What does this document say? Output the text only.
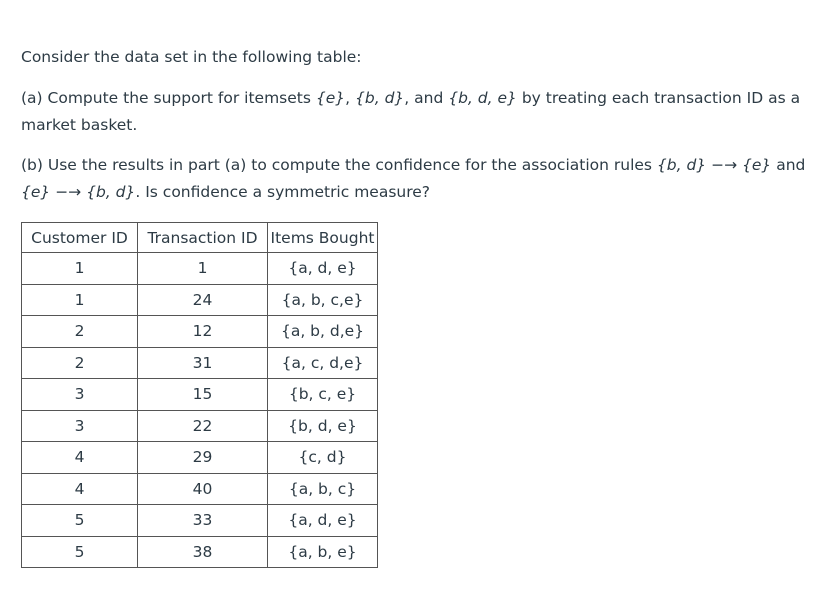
Consider the data set in the following table:

(a) Compute the support for itemsets {e}, {b, d}, and {b, d, e} by treating each transaction ID as a market basket.

(b) Use the results in part (a) to compute the confidence for the association rules {b, d} −→ {e} and {e} −→ {b, d}. Is confidence a symmetric measure?

Customer ID	Transaction ID	Items Bought
1	1	{a, d, e}
1	24	{a, b, c,e}
2	12	{a, b, d,e}
2	31	{a, c, d,e}
3	15	{b, c, e}
3	22	{b, d, e}
4	29	{c, d}
4	40	{a, b, c}
5	33	{a, d, e}
5	38	{a, b, e}
